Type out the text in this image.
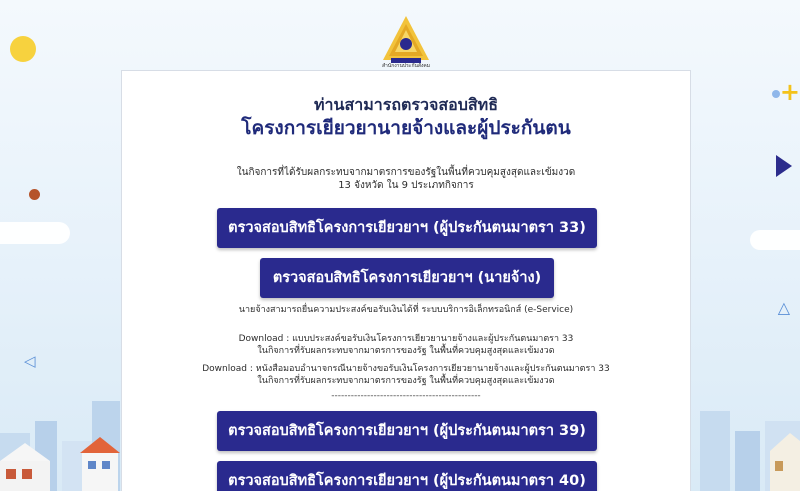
△
◁
+
สำนักงานประกันสังคม
ท่านสามารถตรวจสอบสิทธิ
โครงการเยียวยานายจ้างและผู้ประกันตน
ในกิจการที่ได้รับผลกระทบจากมาตรการของรัฐในพื้นที่ควบคุมสูงสุดและเข้มงวด
13 จังหวัด ใน 9 ประเภทกิจการ
ตรวจสอบสิทธิโครงการเยียวยาฯ (ผู้ประกันตนมาตรา 33)
ตรวจสอบสิทธิโครงการเยียวยาฯ (นายจ้าง)
นายจ้างสามารถยื่นความประสงค์ขอรับเงินได้ที่ ระบบบริการอิเล็กทรอนิกส์ (e-Service)
Download : แบบประสงค์ขอรับเงินโครงการเยียวยานายจ้างและผู้ประกันตนมาตรา 33
ในกิจการที่รับผลกระทบจากมาตรการของรัฐ ในพื้นที่ควบคุมสูงสุดและเข้มงวด
Download : หนังสือมอบอำนาจกรณีนายจ้างขอรับเงินโครงการเยียวยานายจ้างและผู้ประกันตนมาตรา 33
ในกิจการที่รับผลกระทบจากมาตรการของรัฐ ในพื้นที่ควบคุมสูงสุดและเข้มงวด
----------------------------------------------
ตรวจสอบสิทธิโครงการเยียวยาฯ (ผู้ประกันตนมาตรา 39)
ตรวจสอบสิทธิโครงการเยียวยาฯ (ผู้ประกันตนมาตรา 40)
